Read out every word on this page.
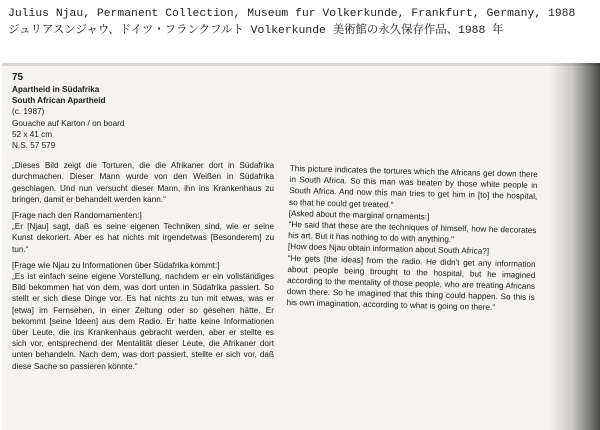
Julius Njau, Permanent Collection, Museum fur Volkerkunde, Frankfurt, Germany, 1988
ジュリアスンジャウ、ドイツ・フランクフルト Volkerkunde 美術館の永久保存作品、1988 年
75
Apartheid in Südafrika
South African Apartheid
(c. 1987)
Gouache auf Karton / on board
52 x 41 cm
N.S. 57 579

„Dieses Bild zeigt die Torturen, die die Afrikaner dort in Südafrika durchmachen. Dieser Mann wurde von den Weißen in Südafrika geschlagen. Und nun versucht dieser Mann, ihn ins Krankenhaus zu bringen, damit er behandelt werden kann.“

[Frage nach den Randornamenten:]

„Er [Njau] sagt, daß es seine eigenen Techniken sind, wie er seine Kunst dekoriert. Aber es hat nichts mit irgendetwas [Besonderem] zu tun.“

[Frage wie Njau zu Informationen über Südafrika kommt:]

„Es ist einfach seine eigene Vorstellung, nachdem er ein vollständiges Bild bekommen hat von dem, was dort unten in Südafrika passiert. So stellt er sich diese Dinge vor. Es hat nichts zu tun mit etwas, was er [etwa] im Fernsehen, in einer Zeitung oder so gesehen hätte. Er bekommt [seine Ideen] aus dem Radio. Er hatte keine Informationen über Leute, die ins Krankenhaus gebracht werden, aber er stellte es sich vor, entsprechend der Mentalität dieser Leute, die Afrikaner dort unten behandeln. Nach dem, was dort passiert, stellte er sich vor, daß diese Sache so passieren könnte.“

This picture indicates the tortures which the Africans get down there in South Africa. So this man was beaten by those white people in South Africa. And now this man tries to get him in [to] the hospital, so that he could get treated."

[Asked about the marginal ornaments:]

"He said that these are the techniques of himself, how he decorates his art. But it has nothing to do with anything."

[How does Njau obtain information about South Africa?]

"He gets [the ideas] from the radio. He didn't get any information about people being brought to the hospital, but he imagined according to the mentality of those people, who are treating Africans down there. So he imagined that this thing could happen. So this is his own imagination, according to what is going on there."
